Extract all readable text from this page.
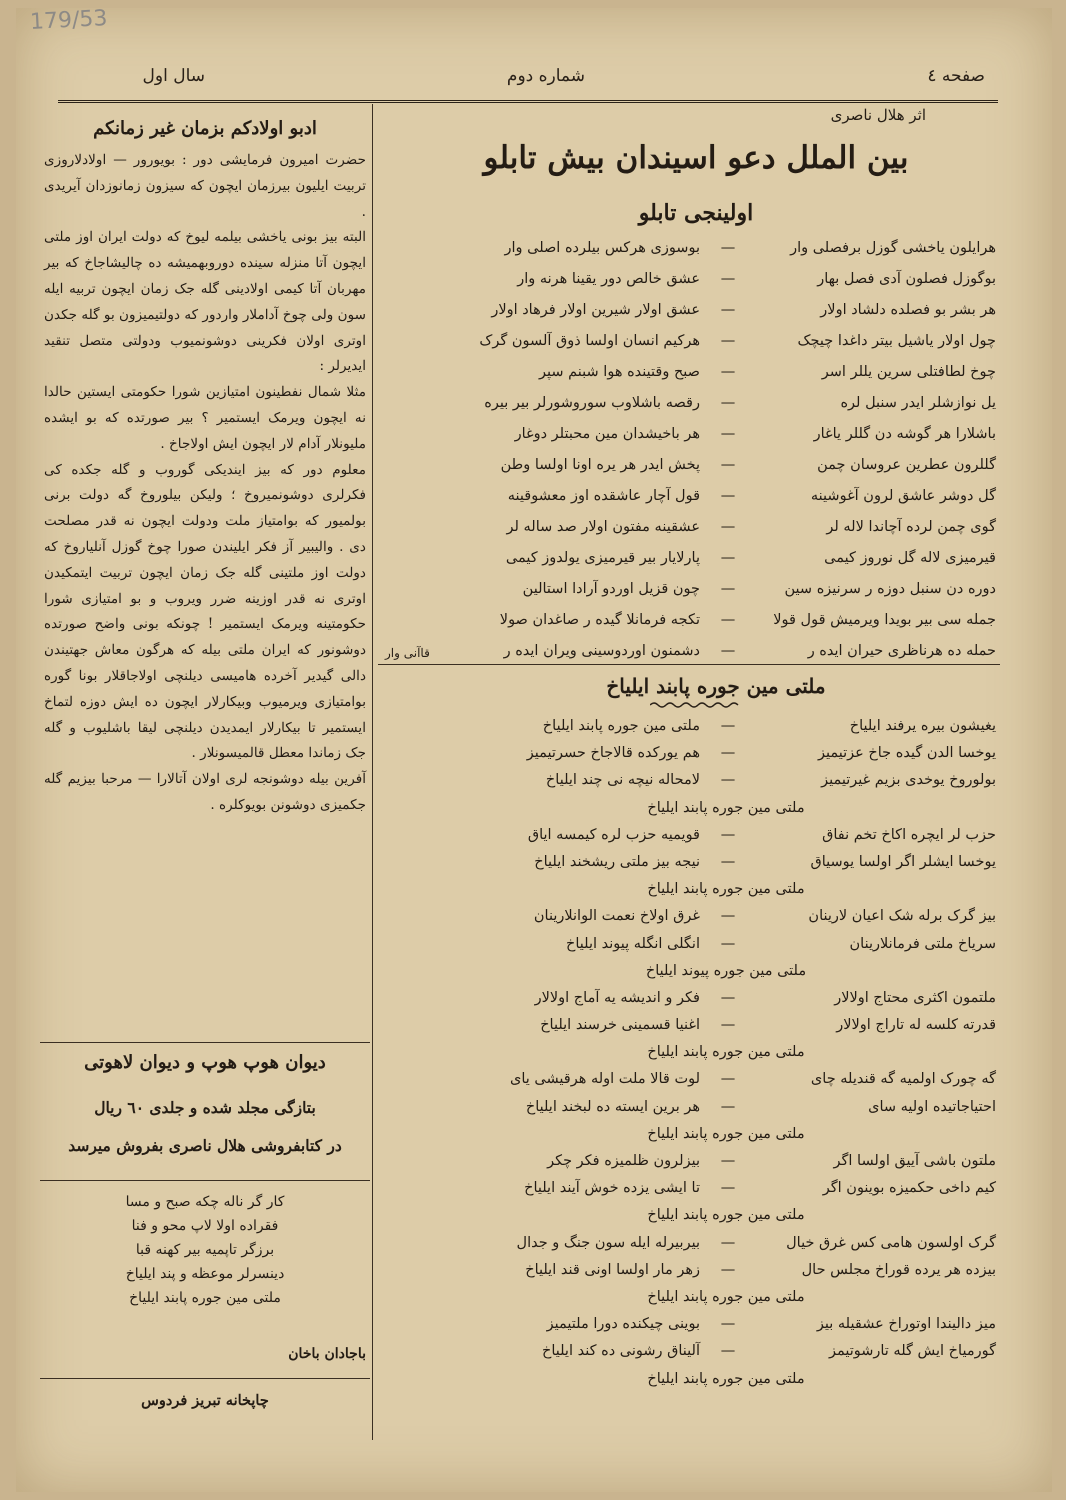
179/53
صفحه ٤
شماره دوم
سال اول
اثر هلال ناصری
بین الملل دعو اسیندان بیش تابلو
اولینجی تابلو
هرایلون یاخشی گوزل برفصلی وار
—
بوسوزی هرکس بیلرده اصلی وار
بوگوزل فصلون آدی فصل بهار
—
عشق خالص دور یقینا هرنه وار
هر بشر بو فصلده دلشاد اولار
—
عشق اولار شیرین اولار فرهاد اولار
چول اولار یاشیل بیتر داغدا چیچک
—
هرکیم انسان اولسا ذوق آلسون گرک
چوخ لطافتلی سرین یللر اسر
—
صبح وقتینده هوا شبنم سپر
یل نوازشلر ایدر سنبل لره
—
رقصه باشلاوب سوروشورلر بیر بیره
باشلارا هر گوشه دن گللر یاغار
—
هر باخیشدان مین محبتلر دوغار
گللرون عطرین عروسان چمن
—
پخش ایدر هر یره اونا اولسا وطن
گل دوشر عاشق لرون آغوشینه
—
قول آچار عاشقده اوز معشوقینه
گوی چمن لرده آچاندا لاله لر
—
عشقینه مفتون اولار صد ساله لر
قیرمیزی لاله گل نوروز کیمی
—
پارلایار بیر قیرمیزی یولدوز کیمی
دوره دن سنبل دوزه ر سرنیزه سین
—
چون قزیل اوردو آرادا استالین
جمله سی بیر بویدا ویرمیش قول قولا
—
تکجه فرمانلا گیده ر صاغدان صولا
حمله ده هرناظری حیران ایده ر
—
دشمنون اوردوسینی ویران ایده ر
قاآنی وار
ملتی مین جوره پابند ایلیاخ
یغیشون بیره یرفند ایلیاخ
—
ملتی مین جوره پابند ایلیاخ
یوخسا الدن گیده جاخ عزتیمیز
—
هم یورکده قالاجاخ حسرتیمیز
بولوروخ یوخدی بزیم غیرتیمیز
—
لامحاله نیچه نی چند ایلیاخ
ملتی مین جوره پابند ایلیاخ
حزب لر ایچره اکاخ تخم نفاق
—
قویمیه حزب لره کیمسه ایاق
یوخسا ایشلر اگر اولسا یوسیاق
—
نیجه بیز ملتی ریشخند ایلیاخ
ملتی مین جوره پابند ایلیاخ
بیز گرک برله شک اعیان لارینان
—
غرق اولاخ نعمت الوانلارینان
سریاخ ملتی فرمانلارینان
—
انگلی انگله پیوند ایلیاخ
ملتی مین جوره پیوند ایلیاخ
ملتمون اکثری محتاج اولالار
—
فکر و اندیشه یه آماج اولالار
قدرته کلسه له تاراج اولالار
—
اغنیا قسمینی خرسند ایلیاخ
ملتی مین جوره پابند ایلیاخ
گه چورک اولمیه گه قندیله چای
—
لوت قالا ملت اوله هرقیشی یای
احتیاجاتیده اولیه سای
—
هر برین ایسته ده لبخند ایلیاخ
ملتی مین جوره پابند ایلیاخ
ملتون باشی آییق اولسا اگر
—
بیزلرون ظلمیزه فکر چکر
کیم داخی حکمیزه بوینون اگر
—
تا ایشی یزده خوش آیند ایلیاخ
ملتی مین جوره پابند ایلیاخ
گرک اولسون هامی کس غرق خیال
—
بیربیرله ایله سون جنگ و جدال
بیزده هر یرده قوراخ مجلس حال
—
زهر مار اولسا اونی قند ایلیاخ
ملتی مین جوره پابند ایلیاخ
میز دالیندا اوتوراخ عشقیله بیز
—
بوینی چیکنده دورا ملتیمیز
گورمیاخ ایش گله تارشوتیمز
—
آلیناق رشونی ده کند ایلیاخ
ملتی مین جوره پابند ایلیاخ
ادبو اولادکم بزمان غیر زمانکم

حضرت امیرون فرمایشی دور : بویورور — اولادلاروزی تربیت ایلیون بیرزمان ایچون که سیزون زمانوزدان آیریدی .

البته بیز بونی یاخشی بیلمه لیوخ که دولت ایران اوز ملتی ایچون آتا منزله سینده دوروبهمیشه ده چالیشاجاخ که بیر مهربان آتا کیمی اولادینی گله جک زمان ایچون تربیه ایله سون ولی چوخ آداملار واردور که دولتیمیزون بو گله جکدن اوتری اولان فکرینی دوشونمیوب ودولتی متصل تنقید ایدیرلر :

مثلا شمال نفطینون امتیازین شورا حکومتی ایستین حالدا نه ایچون ویرمک ایستمیر ؟ بیر صورتده که بو ایشده ملیونلار آدام لار ایچون ایش اولاجاخ .

معلوم دور که بیز ایندیکی گوروب و گله جکده کی فکرلری دوشونمیروخ ؛ ولیکن بیلوروخ گه دولت برنی بولمیور که بوامتیاز ملت ودولت ایچون نه قدر مصلحت دی . والیبیر آز فکر ایلیندن صورا چوخ گوزل آنلیاروخ که دولت اوز ملتینی گله جک زمان ایچون تربیت ایتمکیدن اوتری نه قدر اوزینه ضرر ویروب و بو امتیازی شورا حکومتینه ویرمک ایستمیر ! چونکه بونی واضح صورتده دوشونور که ایران ملتی بیله که هرگون معاش جهتیندن دالی گیدیر آخرده هامیسی دیلنچی اولاجاقلار بونا گوره بوامتیازی ویرمیوب وبیکارلار ایچون ده ایش دوزه لتماخ ایستمیر تا بیکارلار ایمدیدن دیلنچی لیقا باشلیوب و گله جک زماندا معطل قالمیسونلار .

آفرین بیله دوشونجه لری اولان آتالارا — مرحبا بیزیم گله جکمیزی دوشونن بویوکلره .

دیوان هوپ هوپ و دیوان لاهوتی
بتازگی مجلد شده و جلدی ٦٠ ریال
در کتابفروشی هلال ناصری بفروش میرسد
کار گر ناله چکه صبح و مسا
فقراده اولا لاپ محو و فنا
برزگر تاپمیه بیر کهنه قبا
دینسرلر موعظه و پند ایلیاخ
ملتی مین جوره پابند ایلیاخ
باجادان باخان
چاپخانه تبریز فردوس
